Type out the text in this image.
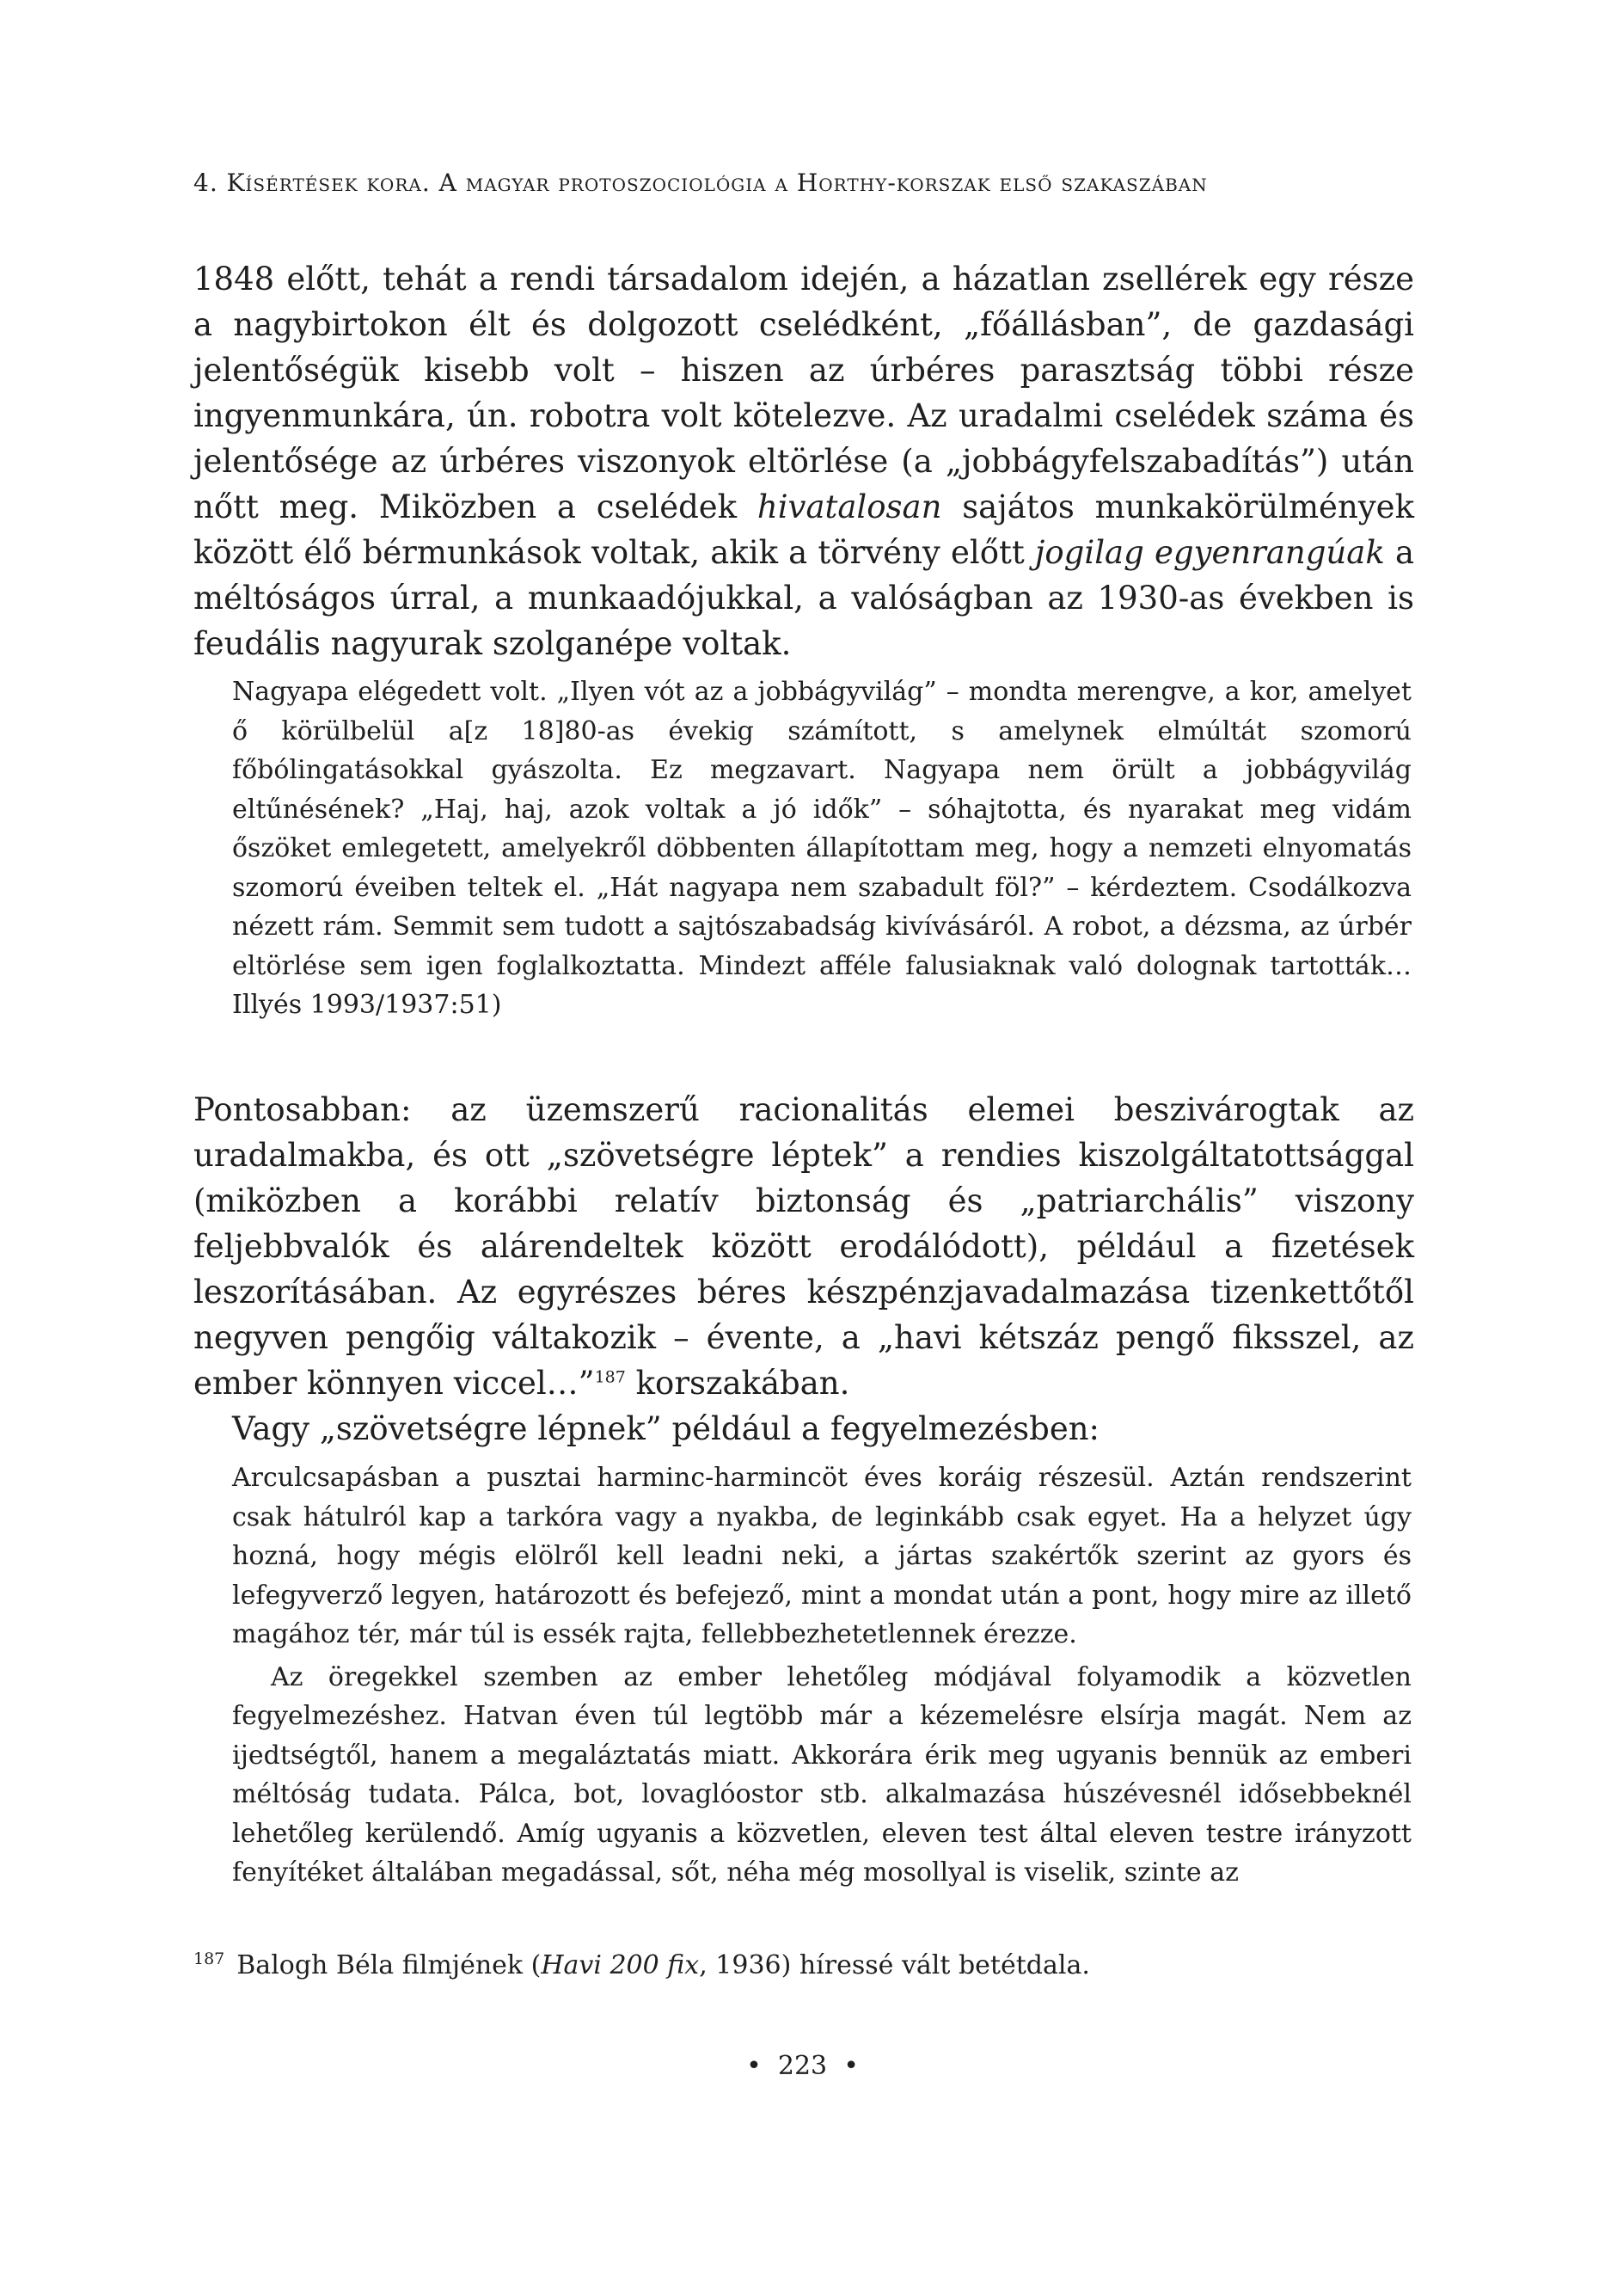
4. Kísértések kora. A magyar protoszociológia a Horthy-korszak első szakaszában

1848 előtt, tehát a rendi társadalom idején, a házatlan zsellérek egy része a nagybirtokon élt és dolgozott cselédként, „főállásban”, de gazdasági jelentőségük kisebb volt – hiszen az úrbéres parasztság többi része ingyenmunkára, ún. robotra volt kötelezve. Az uradalmi cselédek száma és jelentősége az úrbéres viszonyok eltörlése (a „jobbágyfelszabadítás”) után nőtt meg. Miközben a cselédek hivatalosan sajátos munkakörülmények között élő bérmunkások voltak, akik a törvény előtt jogilag egyenrangúak a méltóságos úrral, a munkaadójukkal, a valóságban az 1930-as években is feudális nagyurak szolganépe voltak.

Nagyapa elégedett volt. „Ilyen vót az a jobbágyvilág” – mondta merengve, a kor, amelyet ő körülbelül a[z 18]80-as évekig számított, s amelynek elmúltát szomorú főbólingatásokkal gyászolta. Ez megzavart. Nagyapa nem örült a jobbágyvilág eltűnésének? „Haj, haj, azok voltak a jó idők” – sóhajtotta, és nyarakat meg vidám őszöket emlegetett, amelyekről döbbenten állapítottam meg, hogy a nemzeti elnyomatás szomorú éveiben teltek el. „Hát nagyapa nem szabadult föl?” – kérdeztem. Csodálkozva nézett rám. Semmit sem tudott a sajtószabadság kivívásáról. A robot, a dézsma, az úrbér eltörlése sem igen foglalkoztatta. Mindezt afféle falusiaknak való dolognak tartották… Illyés 1993/1937:51)

Pontosabban: az üzemszerű racionalitás elemei beszivárogtak az uradalmakba, és ott „szövetségre léptek” a rendies kiszolgáltatottsággal (miközben a korábbi relatív biztonság és „patriarchális” viszony feljebbvalók és alárendeltek között erodálódott), például a fizetések leszorításában. Az egyrészes béres készpénzjavadalmazása tizenkettőtől negyven pengőig váltakozik – évente, a „havi kétszáz pengő fiksszel, az ember könnyen viccel…”$^{187}$ korszakában.

Vagy „szövetségre lépnek” például a fegyelmezésben:

Arculcsapásban a pusztai harminc-harmincöt éves koráig részesül. Aztán rendszerint csak hátulról kap a tarkóra vagy a nyakba, de leginkább csak egyet. Ha a helyzet úgy hozná, hogy mégis elölről kell leadni neki, a jártas szakértők szerint az gyors és lefegyverző legyen, határozott és befejező, mint a mondat után a pont, hogy mire az illető magához tér, már túl is essék rajta, fellebbezhetetlennek érezze.

Az öregekkel szemben az ember lehetőleg módjával folyamodik a közvetlen fegyelmezéshez. Hatvan éven túl legtöbb már a kézemelésre elsírja magát. Nem az ijedtségtől, hanem a megaláztatás miatt. Akkorára érik meg ugyanis bennük az emberi méltóság tudata. Pálca, bot, lovaglóostor stb. alkalmazása húszévesnél idősebbeknél lehetőleg kerülendő. Amíg ugyanis a közvetlen, eleven test által eleven testre irányzott fenyítéket általában megadással, sőt, néha még mosollyal is viselik, szinte az

$^{187}$ Balogh Béla filmjének (Havi 200 fix, 1936) híressé vált betétdala.
• 223 •
